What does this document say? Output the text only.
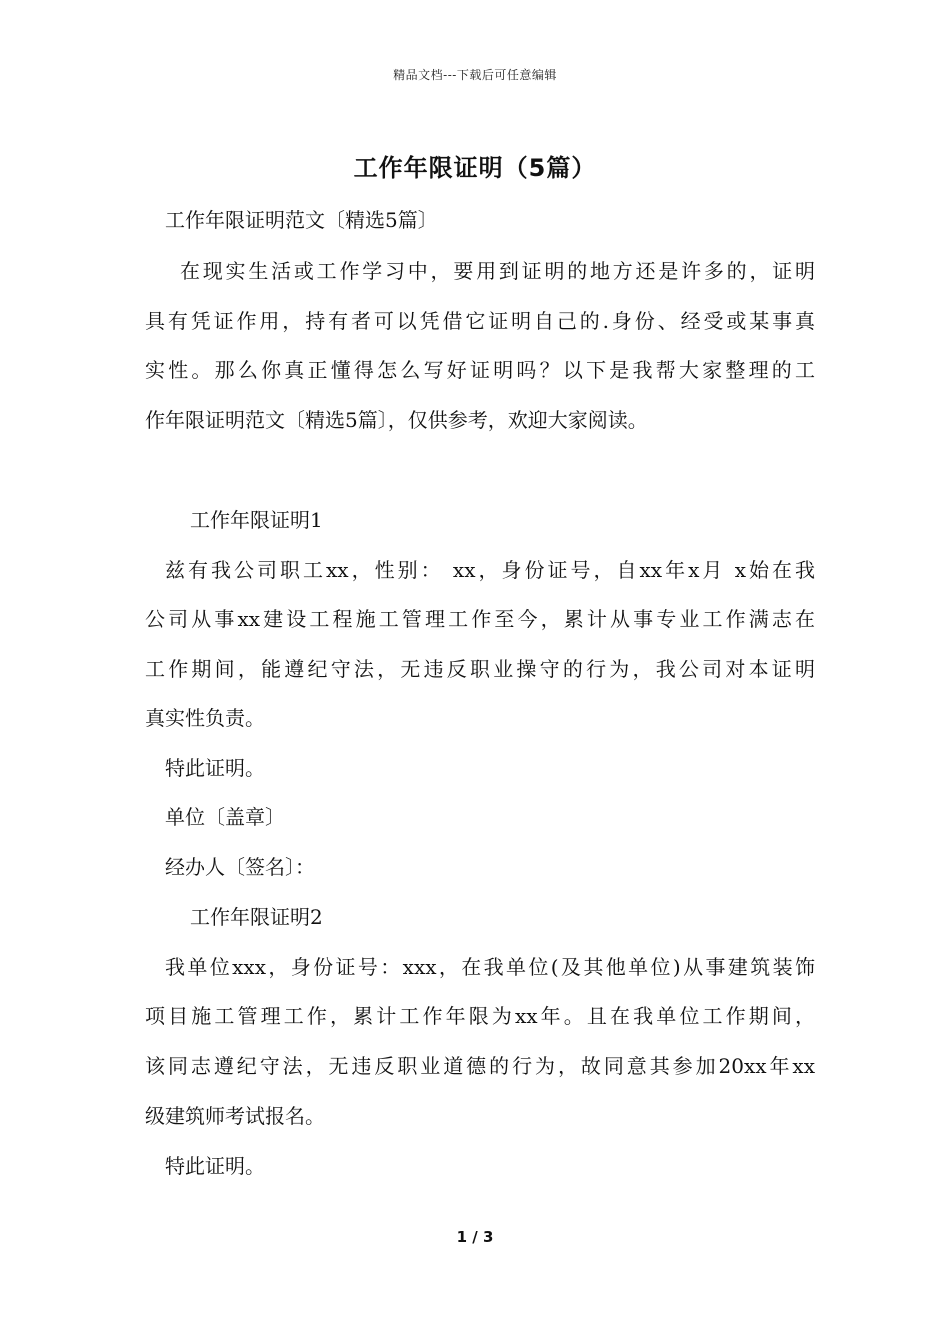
精品文档---下载后可任意编辑
工作年限证明（5篇）
工作年限证明范文〔精选5篇〕
在现实生活或工作学习中，要用到证明的地方还是许多的，证明
具有凭证作用，持有者可以凭借它证明自己的.身份、经受或某事真
实性。那么你真正懂得怎么写好证明吗？以下是我帮大家整理的工
作年限证明范文〔精选5篇〕，仅供参考，欢迎大家阅读。
工作年限证明1
兹有我公司职工xx，性别： xx，身份证号，自xx年x月 x始在我
公司从事xx建设工程施工管理工作至今，累计从事专业工作满志在
工作期间，能遵纪守法，无违反职业操守的行为，我公司对本证明
真实性负责。
特此证明。
单位〔盖章〕
经办人〔签名〕：
工作年限证明2
我单位xxx，身份证号：xxx，在我单位(及其他单位)从事建筑装饰
项目施工管理工作，累计工作年限为xx年。且在我单位工作期间，
该同志遵纪守法，无违反职业道德的行为，故同意其参加20xx年xx
级建筑师考试报名。
特此证明。
1 / 3
